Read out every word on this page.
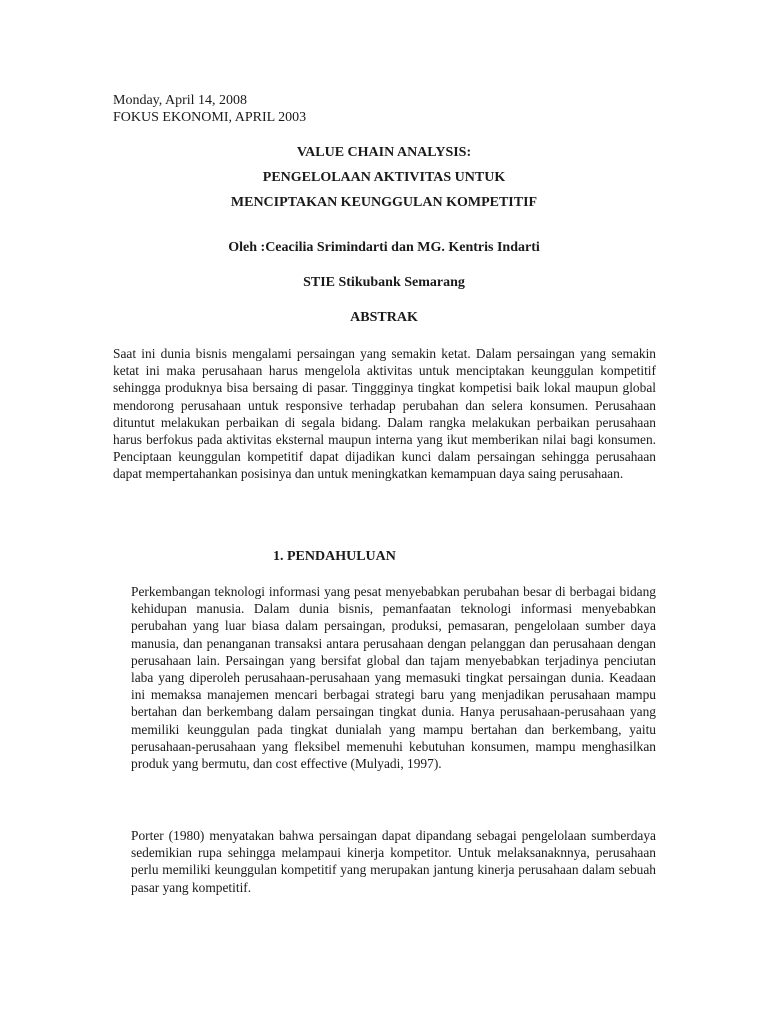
Monday, April 14, 2008

FOKUS EKONOMI, APRIL 2003

VALUE CHAIN ANALYSIS:

PENGELOLAAN AKTIVITAS UNTUK

MENCIPTAKAN KEUNGGULAN KOMPETITIF

Oleh :Ceacilia Srimindarti dan MG. Kentris Indarti

STIE Stikubank Semarang

ABSTRAK

Saat ini dunia bisnis mengalami persaingan yang semakin ketat. Dalam persaingan yang semakin ketat ini maka perusahaan harus mengelola aktivitas untuk menciptakan keunggulan kompetitif sehingga produknya bisa bersaing di pasar. Tinggginya tingkat kompetisi baik lokal maupun global mendorong perusahaan untuk responsive terhadap perubahan dan selera konsumen. Perusahaan dituntut melakukan perbaikan di segala bidang. Dalam rangka melakukan perbaikan perusahaan harus berfokus pada aktivitas eksternal maupun interna yang ikut memberikan nilai bagi konsumen. Penciptaan keunggulan kompetitif dapat dijadikan kunci dalam persaingan sehingga perusahaan dapat mempertahankan posisinya dan untuk meningkatkan kemampuan daya saing perusahaan.

1. PENDAHULUAN

Perkembangan teknologi informasi yang pesat menyebabkan perubahan besar di berbagai bidang kehidupan manusia. Dalam dunia bisnis, pemanfaatan teknologi informasi menyebabkan perubahan yang luar biasa dalam persaingan, produksi, pemasaran, pengelolaan sumber daya manusia, dan penanganan transaksi antara perusahaan dengan pelanggan dan perusahaan dengan perusahaan lain. Persaingan yang bersifat global dan tajam menyebabkan terjadinya penciutan laba yang diperoleh perusahaan-perusahaan yang memasuki tingkat persaingan dunia. Keadaan ini memaksa manajemen mencari berbagai strategi baru yang menjadikan perusahaan mampu bertahan dan berkembang dalam persaingan tingkat dunia. Hanya perusahaan-perusahaan yang memiliki keunggulan pada tingkat dunialah yang mampu bertahan dan berkembang, yaitu perusahaan-perusahaan yang fleksibel memenuhi kebutuhan konsumen, mampu menghasilkan produk yang bermutu, dan cost effective (Mulyadi, 1997).

Porter (1980) menyatakan bahwa persaingan dapat dipandang sebagai pengelolaan sumberdaya sedemikian rupa sehingga melampaui kinerja kompetitor. Untuk melaksanaknnya, perusahaan perlu memiliki keunggulan kompetitif yang merupakan jantung kinerja perusahaan dalam sebuah pasar yang kompetitif.
